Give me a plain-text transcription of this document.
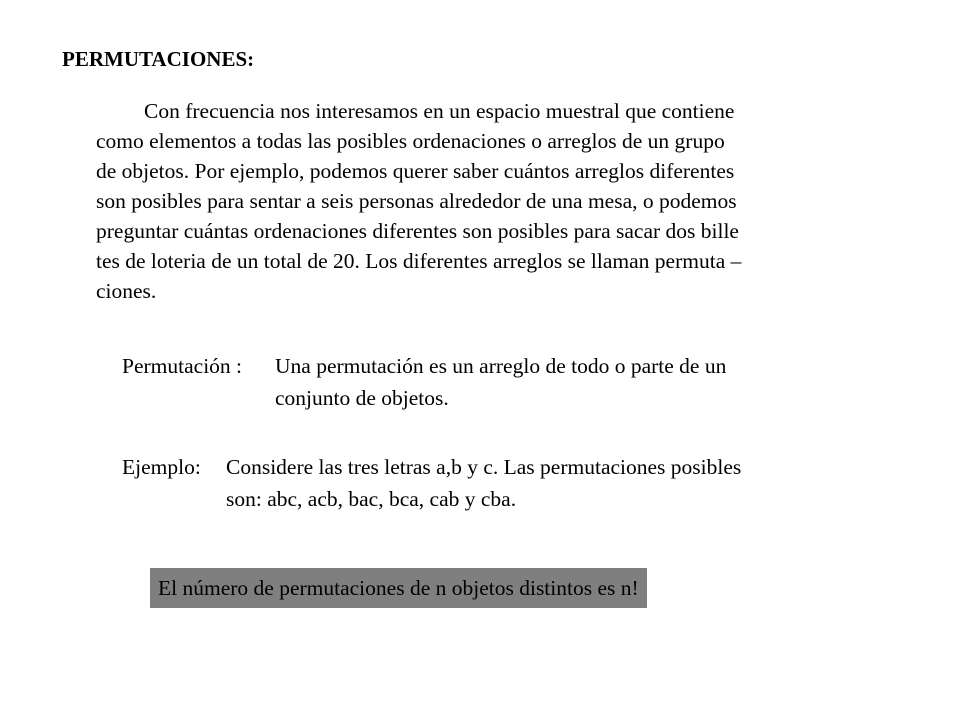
PERMUTACIONES:
Con frecuencia nos interesamos en un espacio muestral que contiene
como elementos a todas las posibles ordenaciones o arreglos de un grupo
de objetos. Por ejemplo, podemos querer saber cuántos arreglos diferentes
son posibles para sentar a seis personas alrededor de una mesa, o podemos
preguntar cuántas ordenaciones diferentes son posibles para sacar dos bille
tes de loteria de un total de 20. Los diferentes arreglos se llaman permuta –
ciones.
Permutación :	Una permutación es un arreglo de todo o parte de un
conjunto de objetos.
Ejemplo:	Considere las tres letras a,b y c. Las permutaciones posibles
son: abc, acb, bac, bca, cab y cba.
El número de permutaciones de n objetos distintos es n!
